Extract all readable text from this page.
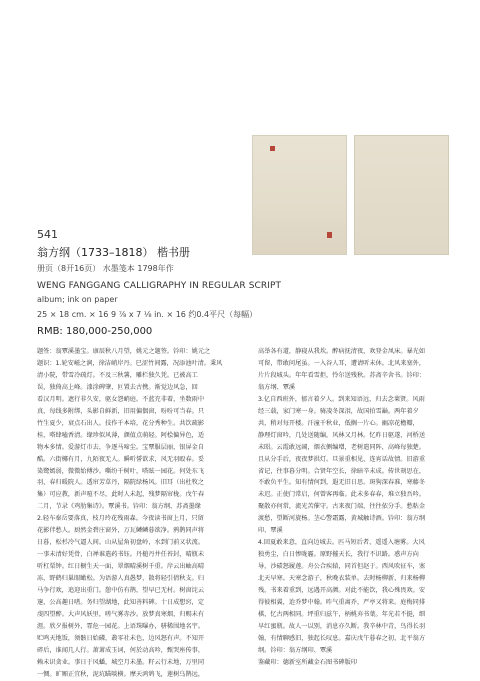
541
翁方纲（1733–1818） 楷书册
册页（8开16页） 水墨笺本 1798年作
WENG FANGGANG CALLIGRAPHY IN REGULAR SCRIPT
album; ink on paper
25 × 18 cm. × 16 9 ⁷⁄₈ x 7 ¹⁄₈ in. × 16 约0.4平尺（每幅）
RMB: 180,000-250,000
题签：翁覃溪墨宝。康辰秋八月望，姚元之题签。钤印：姚元之
题识：1.轮安嵫之涧，徐洁峭岸丹。巳涩竹间露，况添池叶清。秉风
清小院，带雪冷疏灯。不及三秋薯，雕栏独久凭。已被高工
误，独倚高上峰。漆涂碑肇，叵置去古携。渐觉边风急，回
看汉月明。遮行非久安，驱女怨峭庭。不蓝充非着，坐数雨中
真，每线多附绑，头影自鲜新，旧用偏偶窗，吩吩可当春。只
竹生夏少，衰点石出人。技作千本培，花分秀种生。共饮疏影
桂，嗒肆嗑香清。缘珍似风薄，颜值点萌轻。阿桧偏异色，适
物本多情。爱游灯市去，争逐马啼尘。宝覃服层丽，银屏金自
酷。六街椰有月，九陌夜无人。瞬听誓欲求，风无羽殴春。妥
染鹭嫣弱，微微始傅沙。嘶纷千树叶，嗒眩一园花。何处东飞
羽，春归暖院人。透帘芳草丹，隔院绿杨风。旧耳（出杜牧之
集）可应教，新声喧不尽，此时人未起，残梦隔帘栊。戊午春
二月，节录《鸡肋集诗》。覃溪书。钤印：翁方纲、苏斋墨缘
2.轻车秦岳要落真，枝月玲花残雨森。今夜读书窗上月，只留
花影伴愁人。厨然金碧庄窗外，万瓦鳞鳞暮欲净。鸦鹊同声将
日暮，松杉冷气逼人间。山从屋角初盘岭，水到门前又状流。
一事未清好凭骨，白禅谁遣药书钰。丹槌丹井任苔封，晴瓶未
听杠栗钟。红日橱生天一面，翠烟晴溪树千重。岸云出岫高晴
冻，野鹤归巢眼瞰松。为语游人真愚梦，散将轻引倩秋支。归
马争行欢，追迎出重门。憩中仿有鹊，望早已无村。树窗诧云
邃，公高趣日嗜。务归望湖地，此知善料碑。十日成想窍，定
虔四望醉。大声风妖里，嗟气雾赤沙。放梦真寒烟，归赐未有
涯。欣夕报树外，霏危一园花。上语珠曝办，骈稀围地名宇。
贮鸣天地饭，须骸日始磷，叢零社未色，边风怒有声。不知开
碎后，谁闻几人行。萧萧成玉词，何於动高吟，甄哭座传事，
赖未识贪业。事日于风蟠，城空月未墨。籽云行未地，万里同
一惆。旷厢正宜秋，泥坑瞄啖横。摩天鸿鸩飞，莲树乌鹊远，
高举各有道，静寝从我坎。醉病抚清夜，欢登金凤床。暴光如
可留，带敢问尾虽。一入谷人耳，遭请听未休。北风来塞外，
片片段城头。年年看雪拒，怜尔送残秋。苏斋辛舍书。钤印：
翁方纲、覃溪
3.亿自西班外，郁言着夕人。到来知语远，归去念莱贤。风雨
经三载，家门寒一身。骑凌冬深泪，故国拍雪巅。两年着夕
共，稍对每开楼。汗潼千秋业，低搁一片心。幽凉花檐瓣，
静理灯窗吟，几处送随编，风林又月林。忆昨日驱遂，河桥送
未昭。云霞敢远阔，烟衣侧编增，老树遣同阵，高峰每独楚。
且从分手后，夜夜梦拱灯。旦景重相见，连宵话故情。旧游重
省记，往事暮分明。合贤年空长，徐暗辛未成。传世刻思在，
不敢负平生。知有情何到，遐无旧日思。斑狗深春准，寒藤冬
未迟。正使门常启，何曾客再临。此未多春春，堆立独吾吟。
聚散亦何常，流光苦催守。古来夜门端，往往依分手。愁粘金
渡愁，望断河旋杨。茎心警霜露，黄城触诗酒。钤印：翁方纲
印、覃溪
4.回夏敢来意，直向边城去。匹马短后者，遥遥入塘雾。大风
独勇尘，白日惨咙霾。原野摧天长，我行不识路。惑声方向
导，沙碛怒履莲。舟公合疾辕，同首但赵于。西风吹征车，塞
北天早寒。天寒念游子，秋晚衣装单。去时杨柳新，归来杨柳
残。书来着重到，远遇开高颜。对此不能饮，我心殊畏欢。安
得彼相翼，迨乔梦中翰。昨气重离乔，严亭又将来。庭梅同排
棋，忆古两相同。坪重归兹午，柄桃弃书葉。年光若不挺，细
早红蜜瓶。故人一以别，消息亦久断。我辛林中青，鸟得长羽
翰，有情聊感旧，独起长叹息。嘉庆戊午暮春之初，北平翁方
纲。钤印：翁方纲印、覃溪
鉴藏印：德新室所藏金石图书碑版印
